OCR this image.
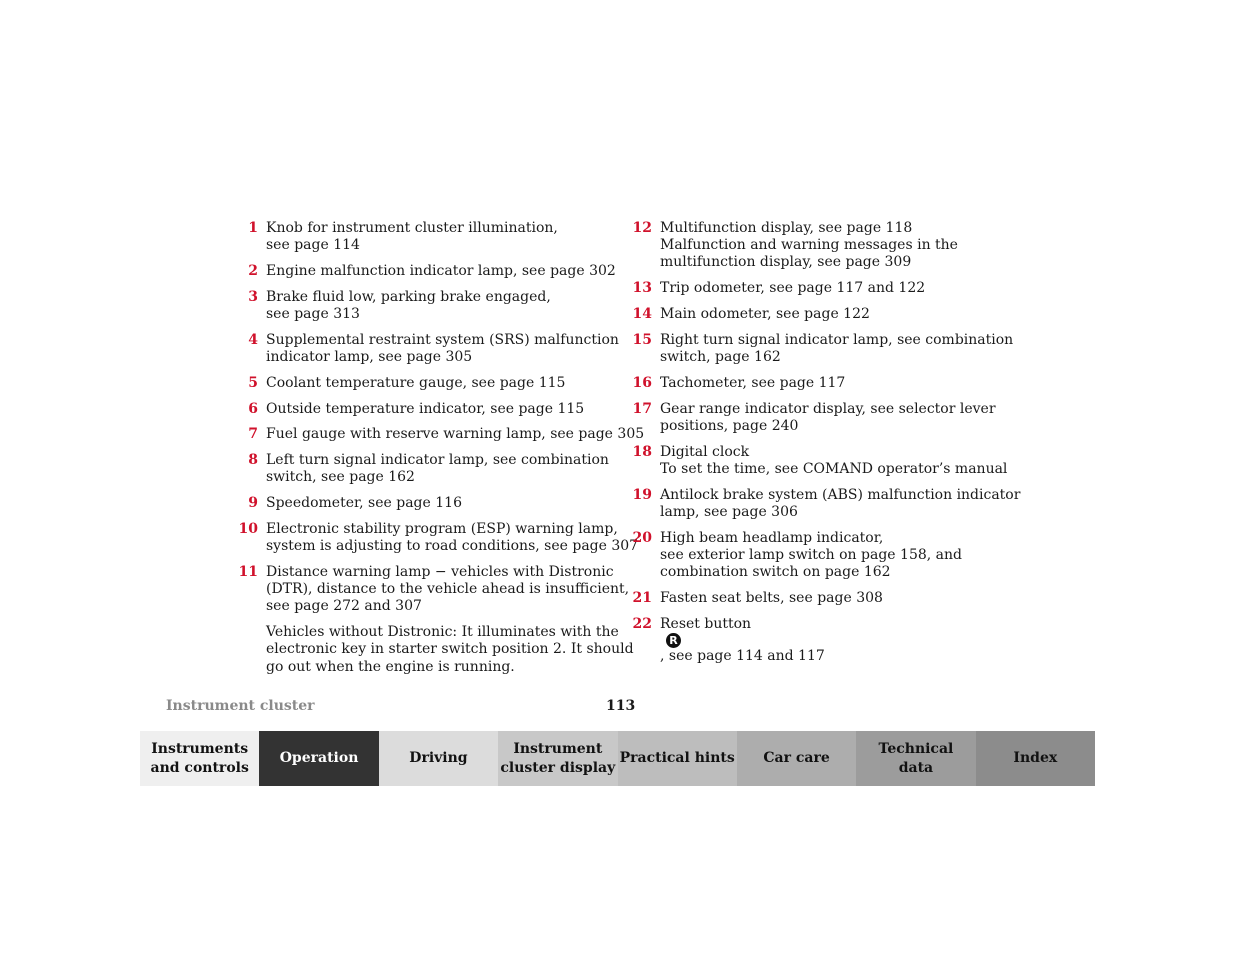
1 Knob for instrument cluster illumination,
see page 114
2 Engine malfunction indicator lamp, see page 302
3 Brake fluid low, parking brake engaged,
see page 313
4 Supplemental restraint system (SRS) malfunction
indicator lamp, see page 305
5 Coolant temperature gauge, see page 115
6 Outside temperature indicator, see page 115
7 Fuel gauge with reserve warning lamp, see page 305
8 Left turn signal indicator lamp, see combination
switch, see page 162
9 Speedometer, see page 116
10 Electronic stability program (ESP) warning lamp,
system is adjusting to road conditions, see page 307
11 Distance warning lamp − vehicles with Distronic
(DTR), distance to the vehicle ahead is insufficient,
see page 272 and 307
Vehicles without Distronic: It illuminates with the
electronic key in starter switch position 2. It should
go out when the engine is running.
12 Multifunction display, see page 118
Malfunction and warning messages in the
multifunction display, see page 309
13 Trip odometer, see page 117 and 122
14 Main odometer, see page 122
15 Right turn signal indicator lamp, see combination
switch, page 162
16 Tachometer, see page 117
17 Gear range indicator display, see selector lever
positions, page 240
18 Digital clock
To set the time, see COMAND operator’s manual
19 Antilock brake system (ABS) malfunction indicator
lamp, see page 306
20 High beam headlamp indicator,
see exterior lamp switch on page 158, and
combination switch on page 162
21 Fasten seat belts, see page 308
22 Reset button
R
, see page 114 and 117
Instrument cluster	113
Instruments
and controls
Operation	Driving
Instrument
cluster display
Practical hints Car care
Technical
data
Index
